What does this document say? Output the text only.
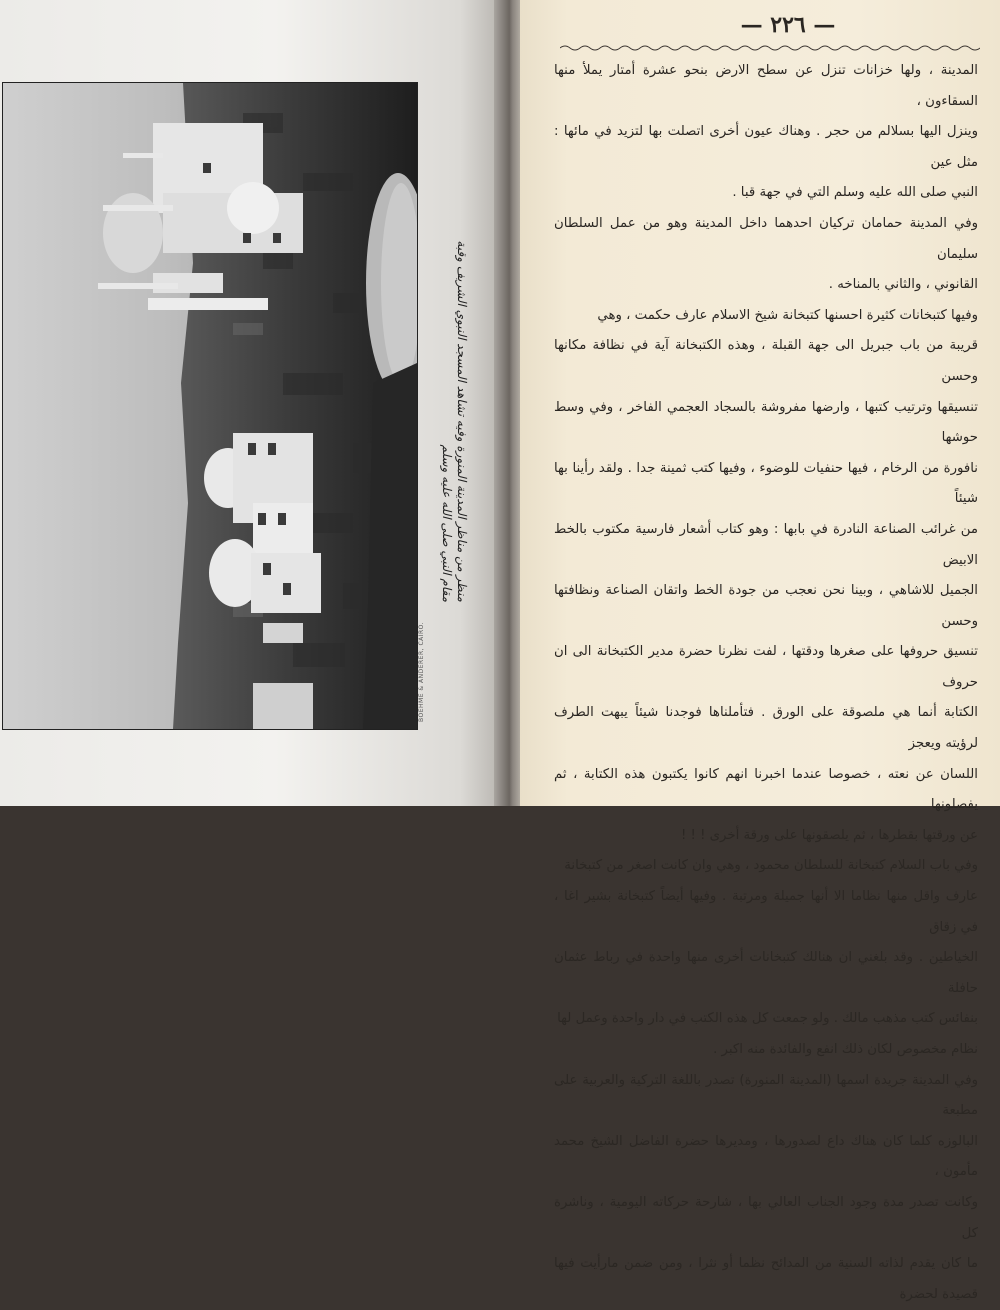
BOEHME & ANDERER, CAIRO.
منظر من مناظر المدينة المنورة وفيه تشاهد المسجد النبوي الشريف وقبة مقام النبي صلى الله عليه وسلم
— ٢٢٦ —

المدينة ، ولها خزانات تنزل عن سطح الارض بنحو عشرة أمتار يملأ منها السقاءون ،

وينزل اليها بسلالم من حجر . وهناك عيون أخرى اتصلت بها لتزيد في مائها : مثل عين

النبي صلى الله عليه وسلم التي في جهة قبا .

وفي المدينة حمامان تركيان احدهما داخل المدينة وهو من عمل السلطان سليمان

القانوني ، والثاني بالمناخه .

وفيها كتبخانات كثيرة احسنها كتبخانة شيخ الاسلام عارف حكمت ، وهي

قريبة من باب جبريل الى جهة القبلة ، وهذه الكتبخانة آية في نظافة مكانها وحسن

تنسيقها وترتيب كتبها ، وارضها مفروشة بالسجاد العجمي الفاخر ، وفي وسط حوشها

نافورة من الرخام ، فيها حنفيات للوضوء ، وفيها كتب ثمينة جدا . ولقد رأينا بها شيئاً

من غرائب الصناعة النادرة في بابها : وهو كتاب أشعار فارسية مكتوب بالخط الابيض

الجميل للاشاهي ، وبينا نحن نعجب من جودة الخط واتقان الصناعة ونظافتها وحسن

تنسيق حروفها على صغرها ودقتها ، لفت نظرنا حضرة مدير الكتبخانة الى ان حروف

الكتابة أنما هي ملصوقة على الورق . فتأملناها فوجدنا شيئاً يبهت الطرف لرؤيته ويعجز

اللسان عن نعته ، خصوصا عندما اخبرنا انهم كانوا يكتبون هذه الكتابة ، ثم يفصلونها

عن ورقتها بقطرها ، ثم يلصقونها على ورقة أخرى ! ! !

وفي باب السلام كتبخانة للسلطان محمود ، وهي وان كانت اصغر من كتبخانة

عارف واقل منها نظاما الا أنها جميلة ومرتبة . وفيها أيضاً كتبخانة بشير اغا ، في زقاق

الخياطين . وقد بلغني ان هنالك كتبخانات أخرى منها واحدة في رباط عثمان حافلة

بنفائس كتب مذهب مالك . ولو جمعت كل هذه الكتب في دار واحدة وعمل لها

نظام مخصوص لكان ذلك انفع والفائدة منه اكبر .

وفي المدينة جريدة اسمها (المدينة المنورة) تصدر باللغة التركية والعربية على مطبعة

البالوزه كلما كان هناك داع لصدورها ، ومديرها حضرة الفاضل الشيخ محمد مأمون ،

وكانت تصدر مدة وجود الجناب العالي بها ، شارحة حركاته اليومية ، وناشرة كل

ما كان يقدم لذاته السنية من المدائح نظما أو نثرا ، ومن ضمن مارأيت فيها قصيدة لحضرة
